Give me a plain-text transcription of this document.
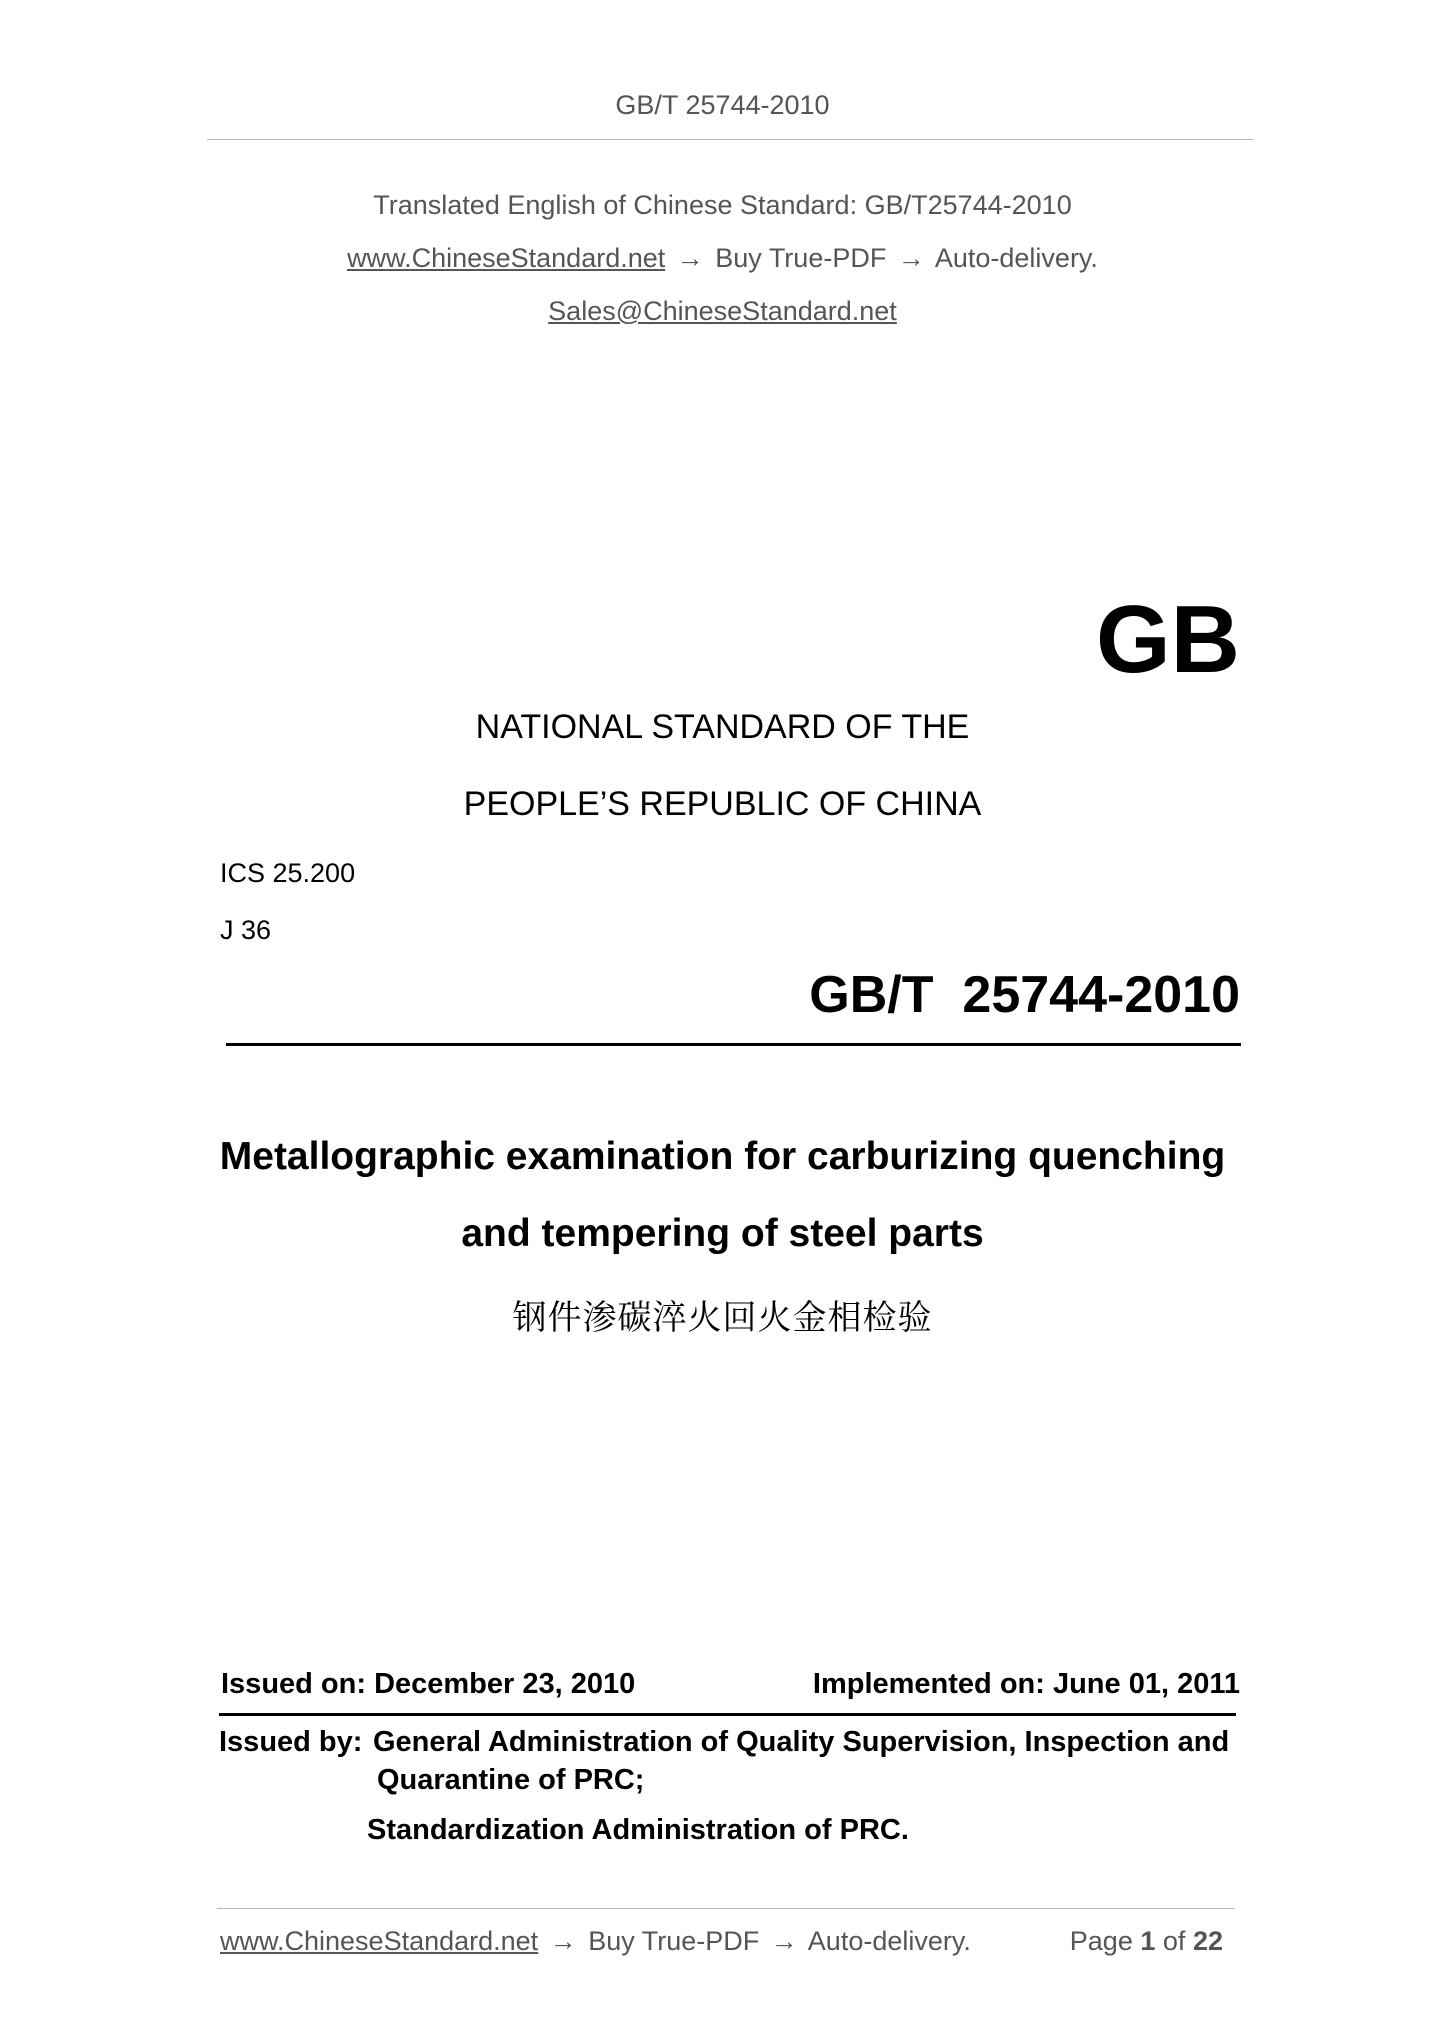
GB/T 25744-2010
Translated English of Chinese Standard: GB/T25744-2010
www.ChineseStandard.net → Buy True-PDF → Auto-delivery.
Sales@ChineseStandard.net
GB
NATIONAL STANDARD OF THE
PEOPLE’S REPUBLIC OF CHINA
ICS 25.200
J 36
GB/T  25744-2010
Metallographic examination for carburizing quenching
and tempering of steel parts
钢件渗碳淬火回火金相检验
Issued on: December 23, 2010	Implemented on: June 01, 2011
Issued by: General Administration of Quality Supervision, Inspection and
Quarantine of PRC;
Standardization Administration of PRC.
www.ChineseStandard.net → Buy True-PDF → Auto-delivery.	Page 1 of 22
